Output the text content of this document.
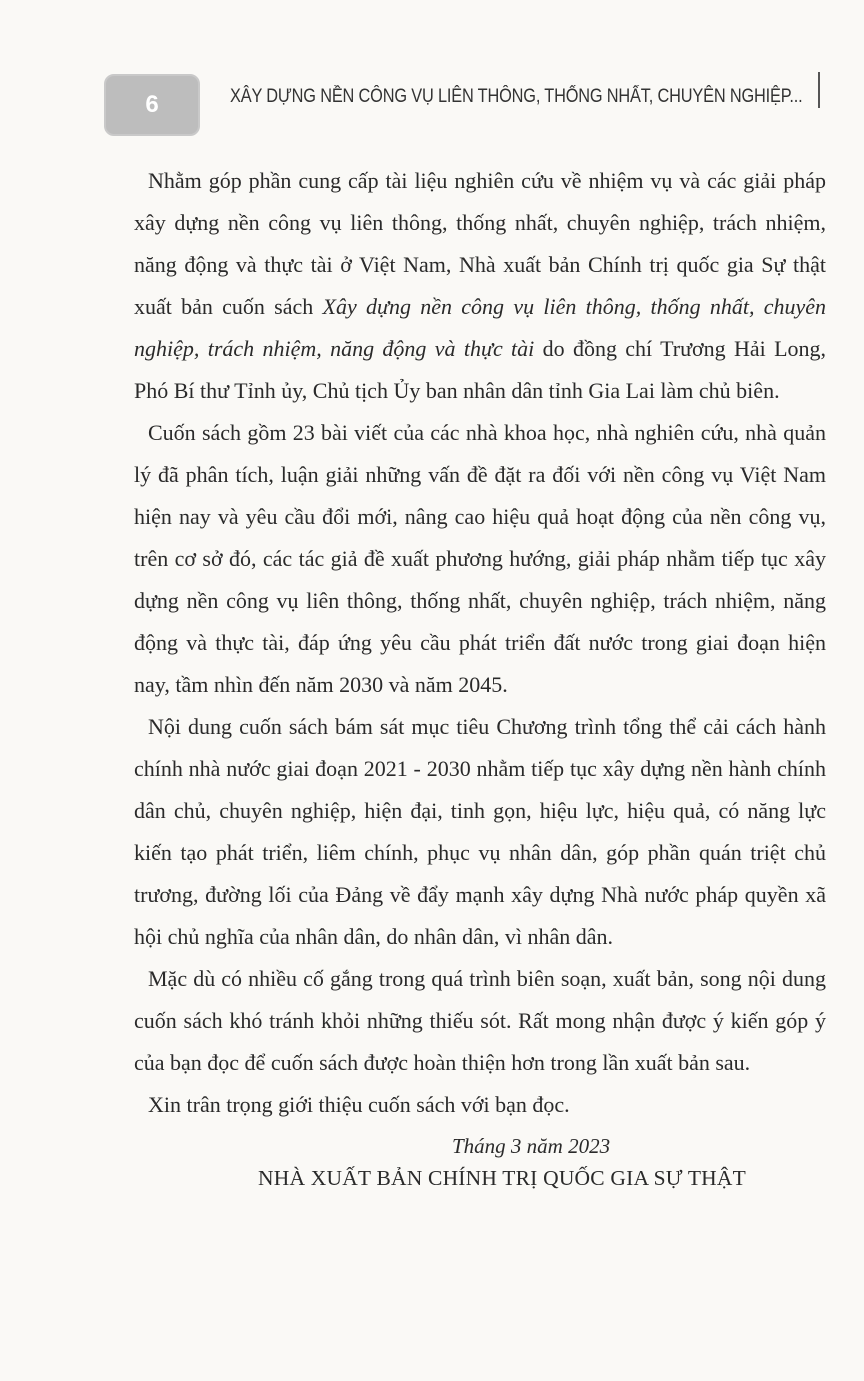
6	XÂY DỰNG NỀN CÔNG VỤ LIÊN THÔNG, THỐNG NHẤT, CHUYÊN NGHIỆP...

Nhằm góp phần cung cấp tài liệu nghiên cứu về nhiệm vụ và các giải pháp xây dựng nền công vụ liên thông, thống nhất, chuyên nghiệp, trách nhiệm, năng động và thực tài ở Việt Nam, Nhà xuất bản Chính trị quốc gia Sự thật xuất bản cuốn sách Xây dựng nền công vụ liên thông, thống nhất, chuyên nghiệp, trách nhiệm, năng động và thực tài do đồng chí Trương Hải Long, Phó Bí thư Tỉnh ủy, Chủ tịch Ủy ban nhân dân tỉnh Gia Lai làm chủ biên.

Cuốn sách gồm 23 bài viết của các nhà khoa học, nhà nghiên cứu, nhà quản lý đã phân tích, luận giải những vấn đề đặt ra đối với nền công vụ Việt Nam hiện nay và yêu cầu đổi mới, nâng cao hiệu quả hoạt động của nền công vụ, trên cơ sở đó, các tác giả đề xuất phương hướng, giải pháp nhằm tiếp tục xây dựng nền công vụ liên thông, thống nhất, chuyên nghiệp, trách nhiệm, năng động và thực tài, đáp ứng yêu cầu phát triển đất nước trong giai đoạn hiện nay, tầm nhìn đến năm 2030 và năm 2045.

Nội dung cuốn sách bám sát mục tiêu Chương trình tổng thể cải cách hành chính nhà nước giai đoạn 2021 - 2030 nhằm tiếp tục xây dựng nền hành chính dân chủ, chuyên nghiệp, hiện đại, tinh gọn, hiệu lực, hiệu quả, có năng lực kiến tạo phát triển, liêm chính, phục vụ nhân dân, góp phần quán triệt chủ trương, đường lối của Đảng về đẩy mạnh xây dựng Nhà nước pháp quyền xã hội chủ nghĩa của nhân dân, do nhân dân, vì nhân dân.

Mặc dù có nhiều cố gắng trong quá trình biên soạn, xuất bản, song nội dung cuốn sách khó tránh khỏi những thiếu sót. Rất mong nhận được ý kiến góp ý của bạn đọc để cuốn sách được hoàn thiện hơn trong lần xuất bản sau.

Xin trân trọng giới thiệu cuốn sách với bạn đọc.

Tháng 3 năm 2023
NHÀ XUẤT BẢN CHÍNH TRỊ QUỐC GIA SỰ THẬT
